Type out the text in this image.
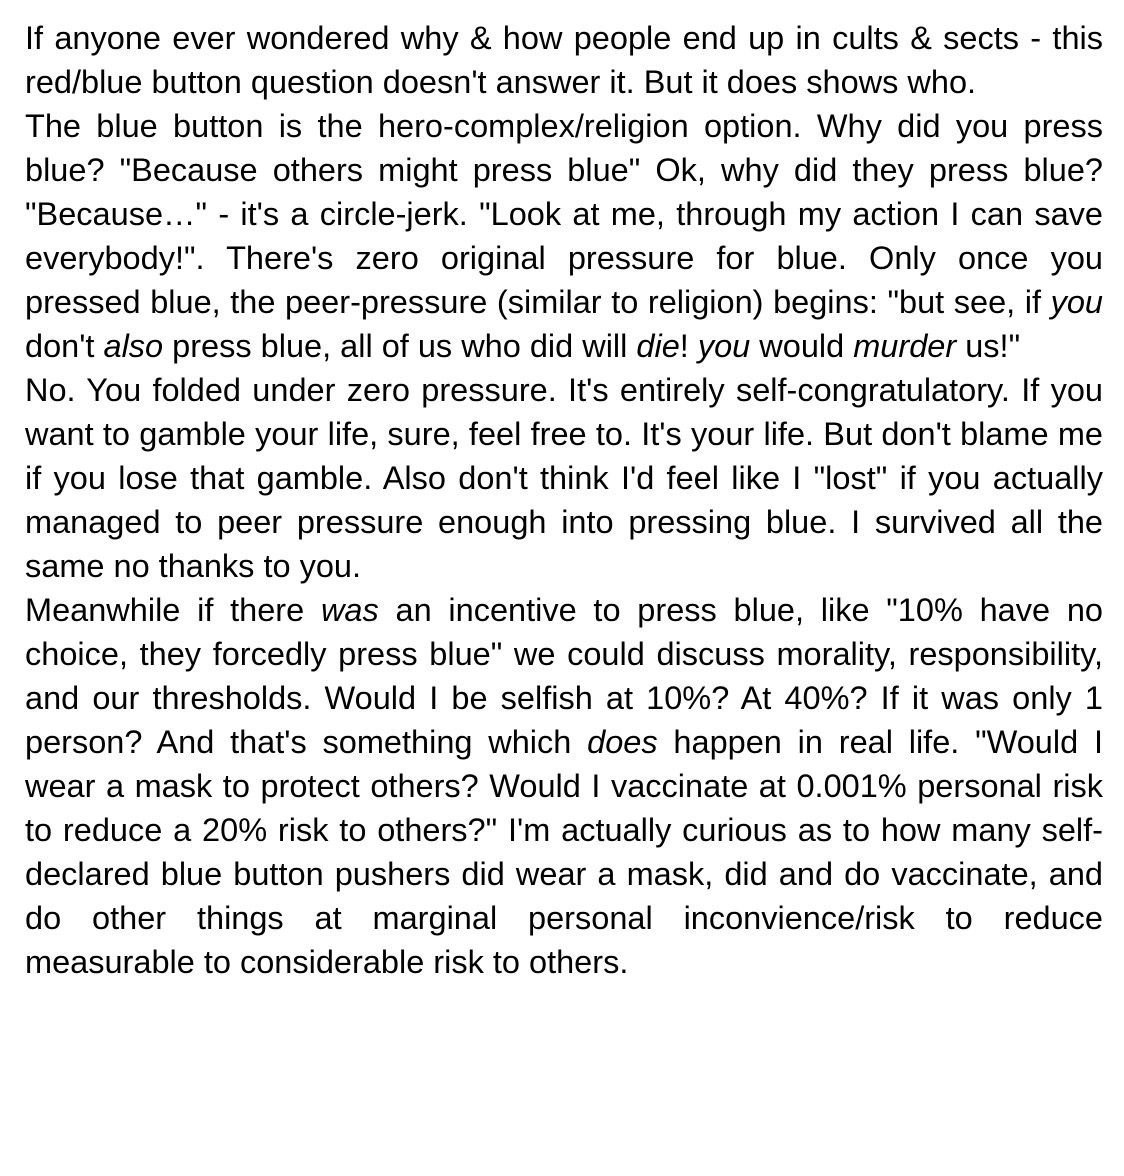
If anyone ever wondered why & how people end up in cults & sects - this red/blue button question doesn't answer it. But it does shows who.

The blue button is the hero-complex/religion option. Why did you press blue? "Because others might press blue" Ok, why did they press blue? "Because…" - it's a circle-jerk. "Look at me, through my action I can save everybody!". There's zero original pressure for blue. Only once you pressed blue, the peer-pressure (similar to religion) begins: "but see, if you don't also press blue, all of us who did will die! you would murder us!"

No. You folded under zero pressure. It's entirely self-congratulatory. If you want to gamble your life, sure, feel free to. It's your life. But don't blame me if you lose that gamble. Also don't think I'd feel like I "lost" if you actually managed to peer pressure enough into pressing blue. I survived all the same no thanks to you.

Meanwhile if there was an incentive to press blue, like "10% have no choice, they forcedly press blue" we could discuss morality, responsibility, and our thresholds. Would I be selfish at 10%? At 40%? If it was only 1 person? And that's something which does happen in real life. "Would I wear a mask to protect others? Would I vaccinate at 0.001% personal risk to reduce a 20% risk to others?" I'm actually curious as to how many self-declared blue button pushers did wear a mask, did and do vaccinate, and do other things at marginal personal inconvience/risk to reduce measurable to considerable risk to others.
